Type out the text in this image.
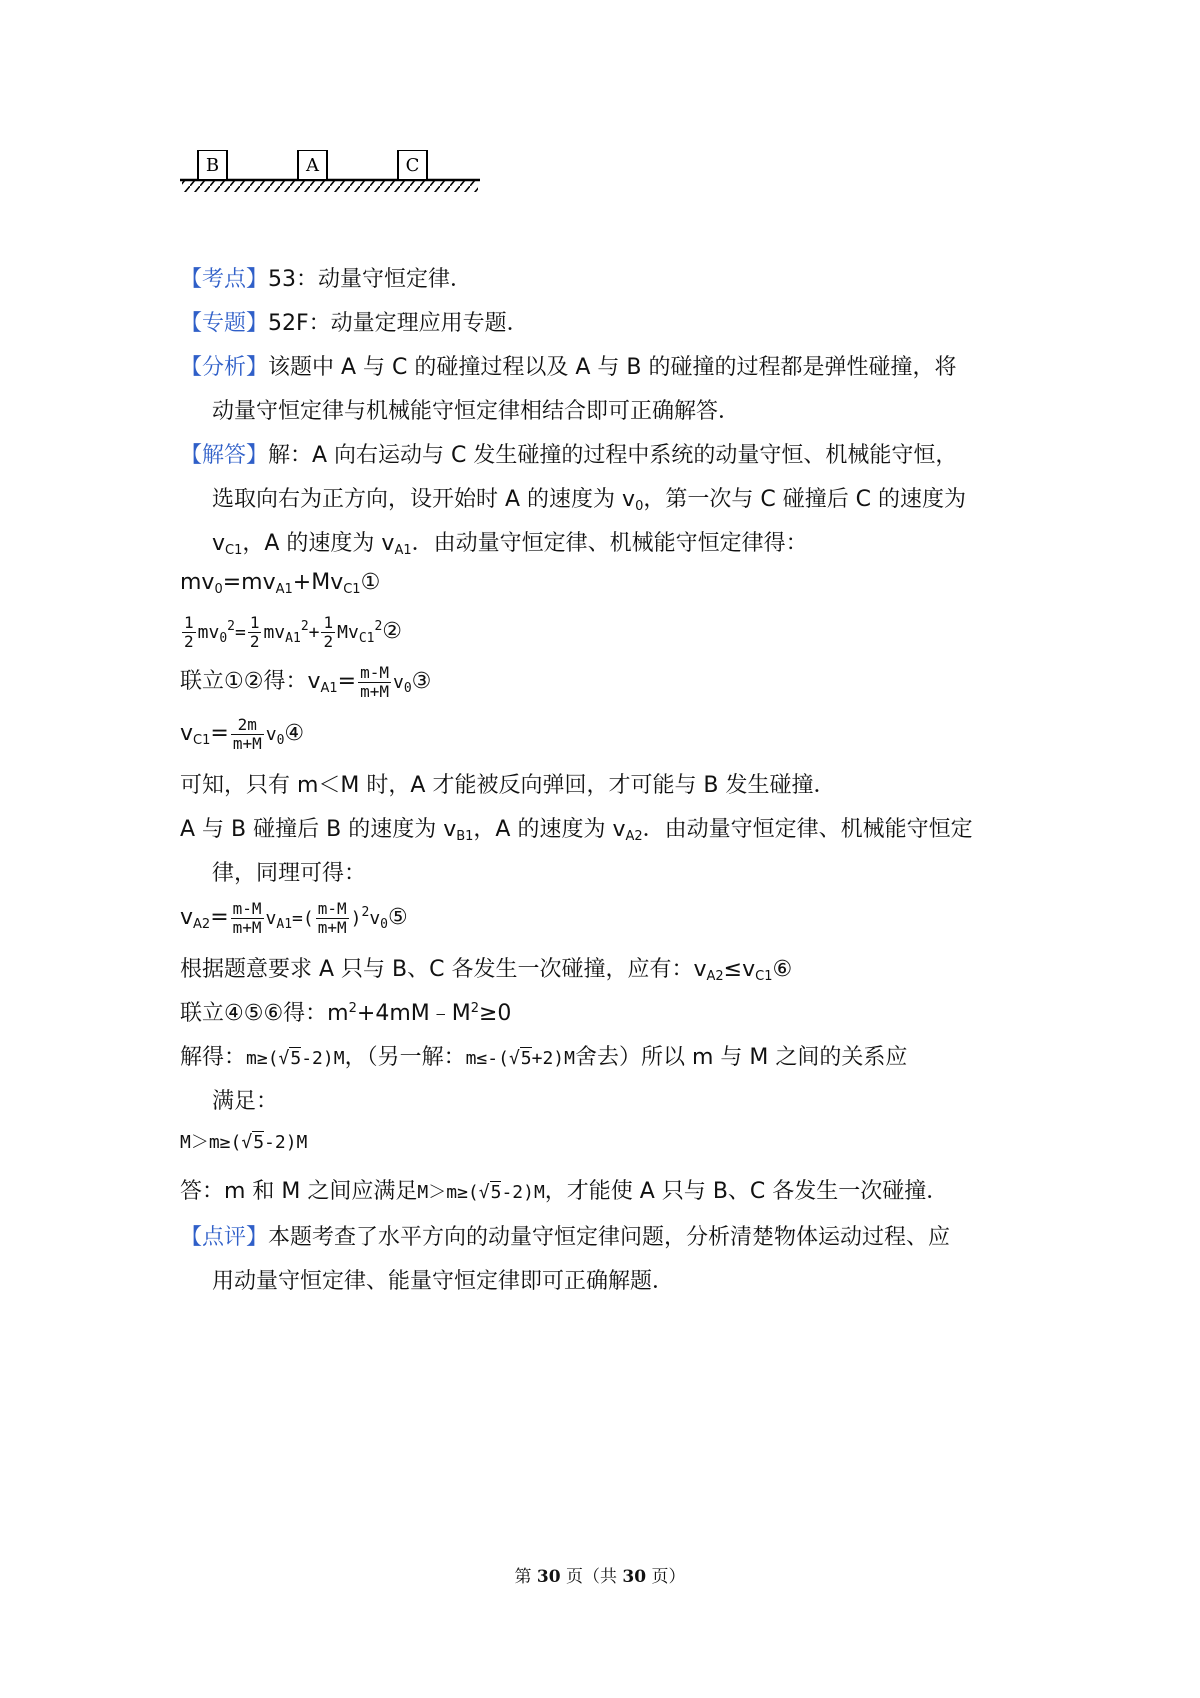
B	A	C
【考点】53：动量守恒定律．
【专题】52F：动量定理应用专题．
【分析】该题中 A 与 C 的碰撞过程以及 A 与 B 的碰撞的过程都是弹性碰撞，将
动量守恒定律与机械能守恒定律相结合即可正确解答．
【解答】解：A 向右运动与 C 发生碰撞的过程中系统的动量守恒、机械能守恒，
选取向右为正方向，设开始时 A 的速度为 $v_0$，第一次与 C 碰撞后 C 的速度为
$v_{C1}$，A 的速度为 $v_{A1}$．由动量守恒定律、机械能守恒定律得：
$mv_0=mv_{A1}+Mv_{C1}①$
$\frac{1}{2} mv_0^2= \frac{1}{2} mv_{A1}^2+ \frac{1}{2}$ $Mv_{C1}^2②$
联立①②得：$v_{A1}= \frac{m-M}{m+M}$ $v_0③$
$v_{C1}= \frac{2m}{m+M}$ $v_0④$
可知，只有 m＜M 时，A 才能被反向弹回，才可能与 B 发生碰撞．
A 与 B 碰撞后 B 的速度为 $v_{B1}$，A 的速度为 $v_{A2}$．由动量守恒定律、机械能守恒定
律，同理可得：
$v_{A2}= \frac{m-M}{m+M} v_{A1}=( \frac{m-M}{m+M}$ )$^2v_0⑤$
根据题意要求 A 只与 B、C 各发生一次碰撞，应有：$v_{A2}\le v_{C1}⑥$
联立④⑤⑥得：$m^2+4mM﹣M^2\ge 0$
解得：m≥(√5-2)M，（另一解：m≤-(√5+2)M舍去）所以 m 与 M 之间的关系应
满足：
M＞m≥(√5-2)M
答：m 和 M 之间应满足M＞m≥(√5-2)M，才能使 A 只与 B、C 各发生一次碰撞．
【点评】本题考查了水平方向的动量守恒定律问题，分析清楚物体运动过程、应
用动量守恒定律、能量守恒定律即可正确解题．
第 30 页（共 30 页）
